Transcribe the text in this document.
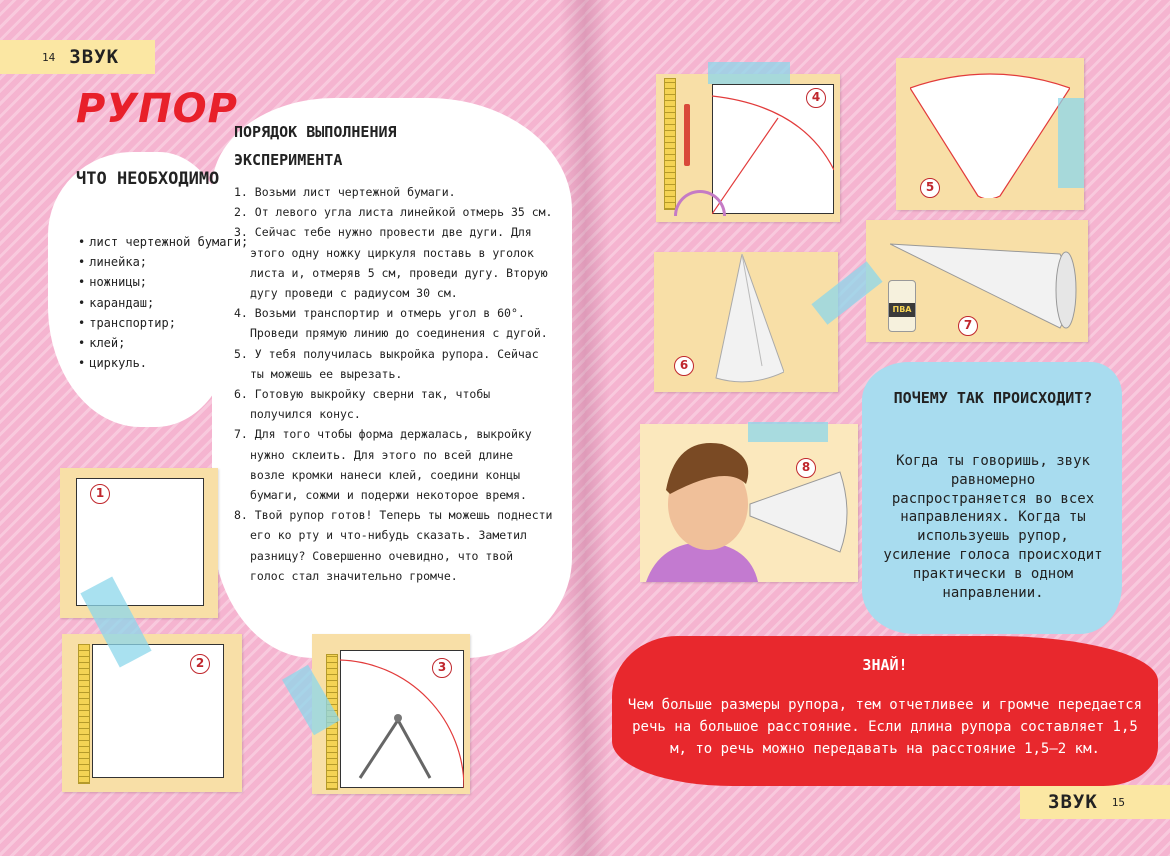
14 ЗВУК
ЗВУК 15
РУПОР
ЧТО НЕОБХОДИМО
• лист чертежной бумаги;
• линейка;
• ножницы;
• карандаш;
• транспортир;
• клей;
• циркуль.
ПОРЯДОК ВЫПОЛНЕНИЯ ЭКСПЕРИМЕНТА
1. Возьми лист чертежной бумаги.
2. От левого угла листа линейкой отмерь 35 см.
3. Сейчас тебе нужно провести две дуги. Для этого одну ножку циркуля поставь в уголок листа и, отмеряв 5 см, проведи дугу. Вторую дугу проведи с радиусом 30 см.
4. Возьми транспортир и отмерь угол в 60°. Проведи прямую линию до соединения с дугой.
5. У тебя получилась выкройка рупора. Сейчас ты можешь ее вырезать.
6. Готовую выкройку сверни так, чтобы получился конус.
7. Для того чтобы форма держалась, выкройку нужно склеить. Для этого по всей длине возле кромки нанеси клей, соедини концы бумаги, сожми и подержи некоторое время.
8. Твой рупор готов! Теперь ты можешь поднести его ко рту и что-нибудь сказать. Заметил разницу? Совершенно очевидно, что твой голос стал значительно громче.
1
2	3
4
5
6
ПВА
7
8
ПОЧЕМУ ТАК ПРОИСХОДИТ?
Когда ты говоришь, звук равномерно распространяется во всех направлениях. Когда ты используешь рупор, усиление голоса происходит практически в одном направлении.
ЗНАЙ!
Чем больше размеры рупора, тем отчетливее и громче передается речь на большое расстояние. Если длина рупора составляет 1,5 м, то речь можно передавать на расстояние 1,5—2 км.
